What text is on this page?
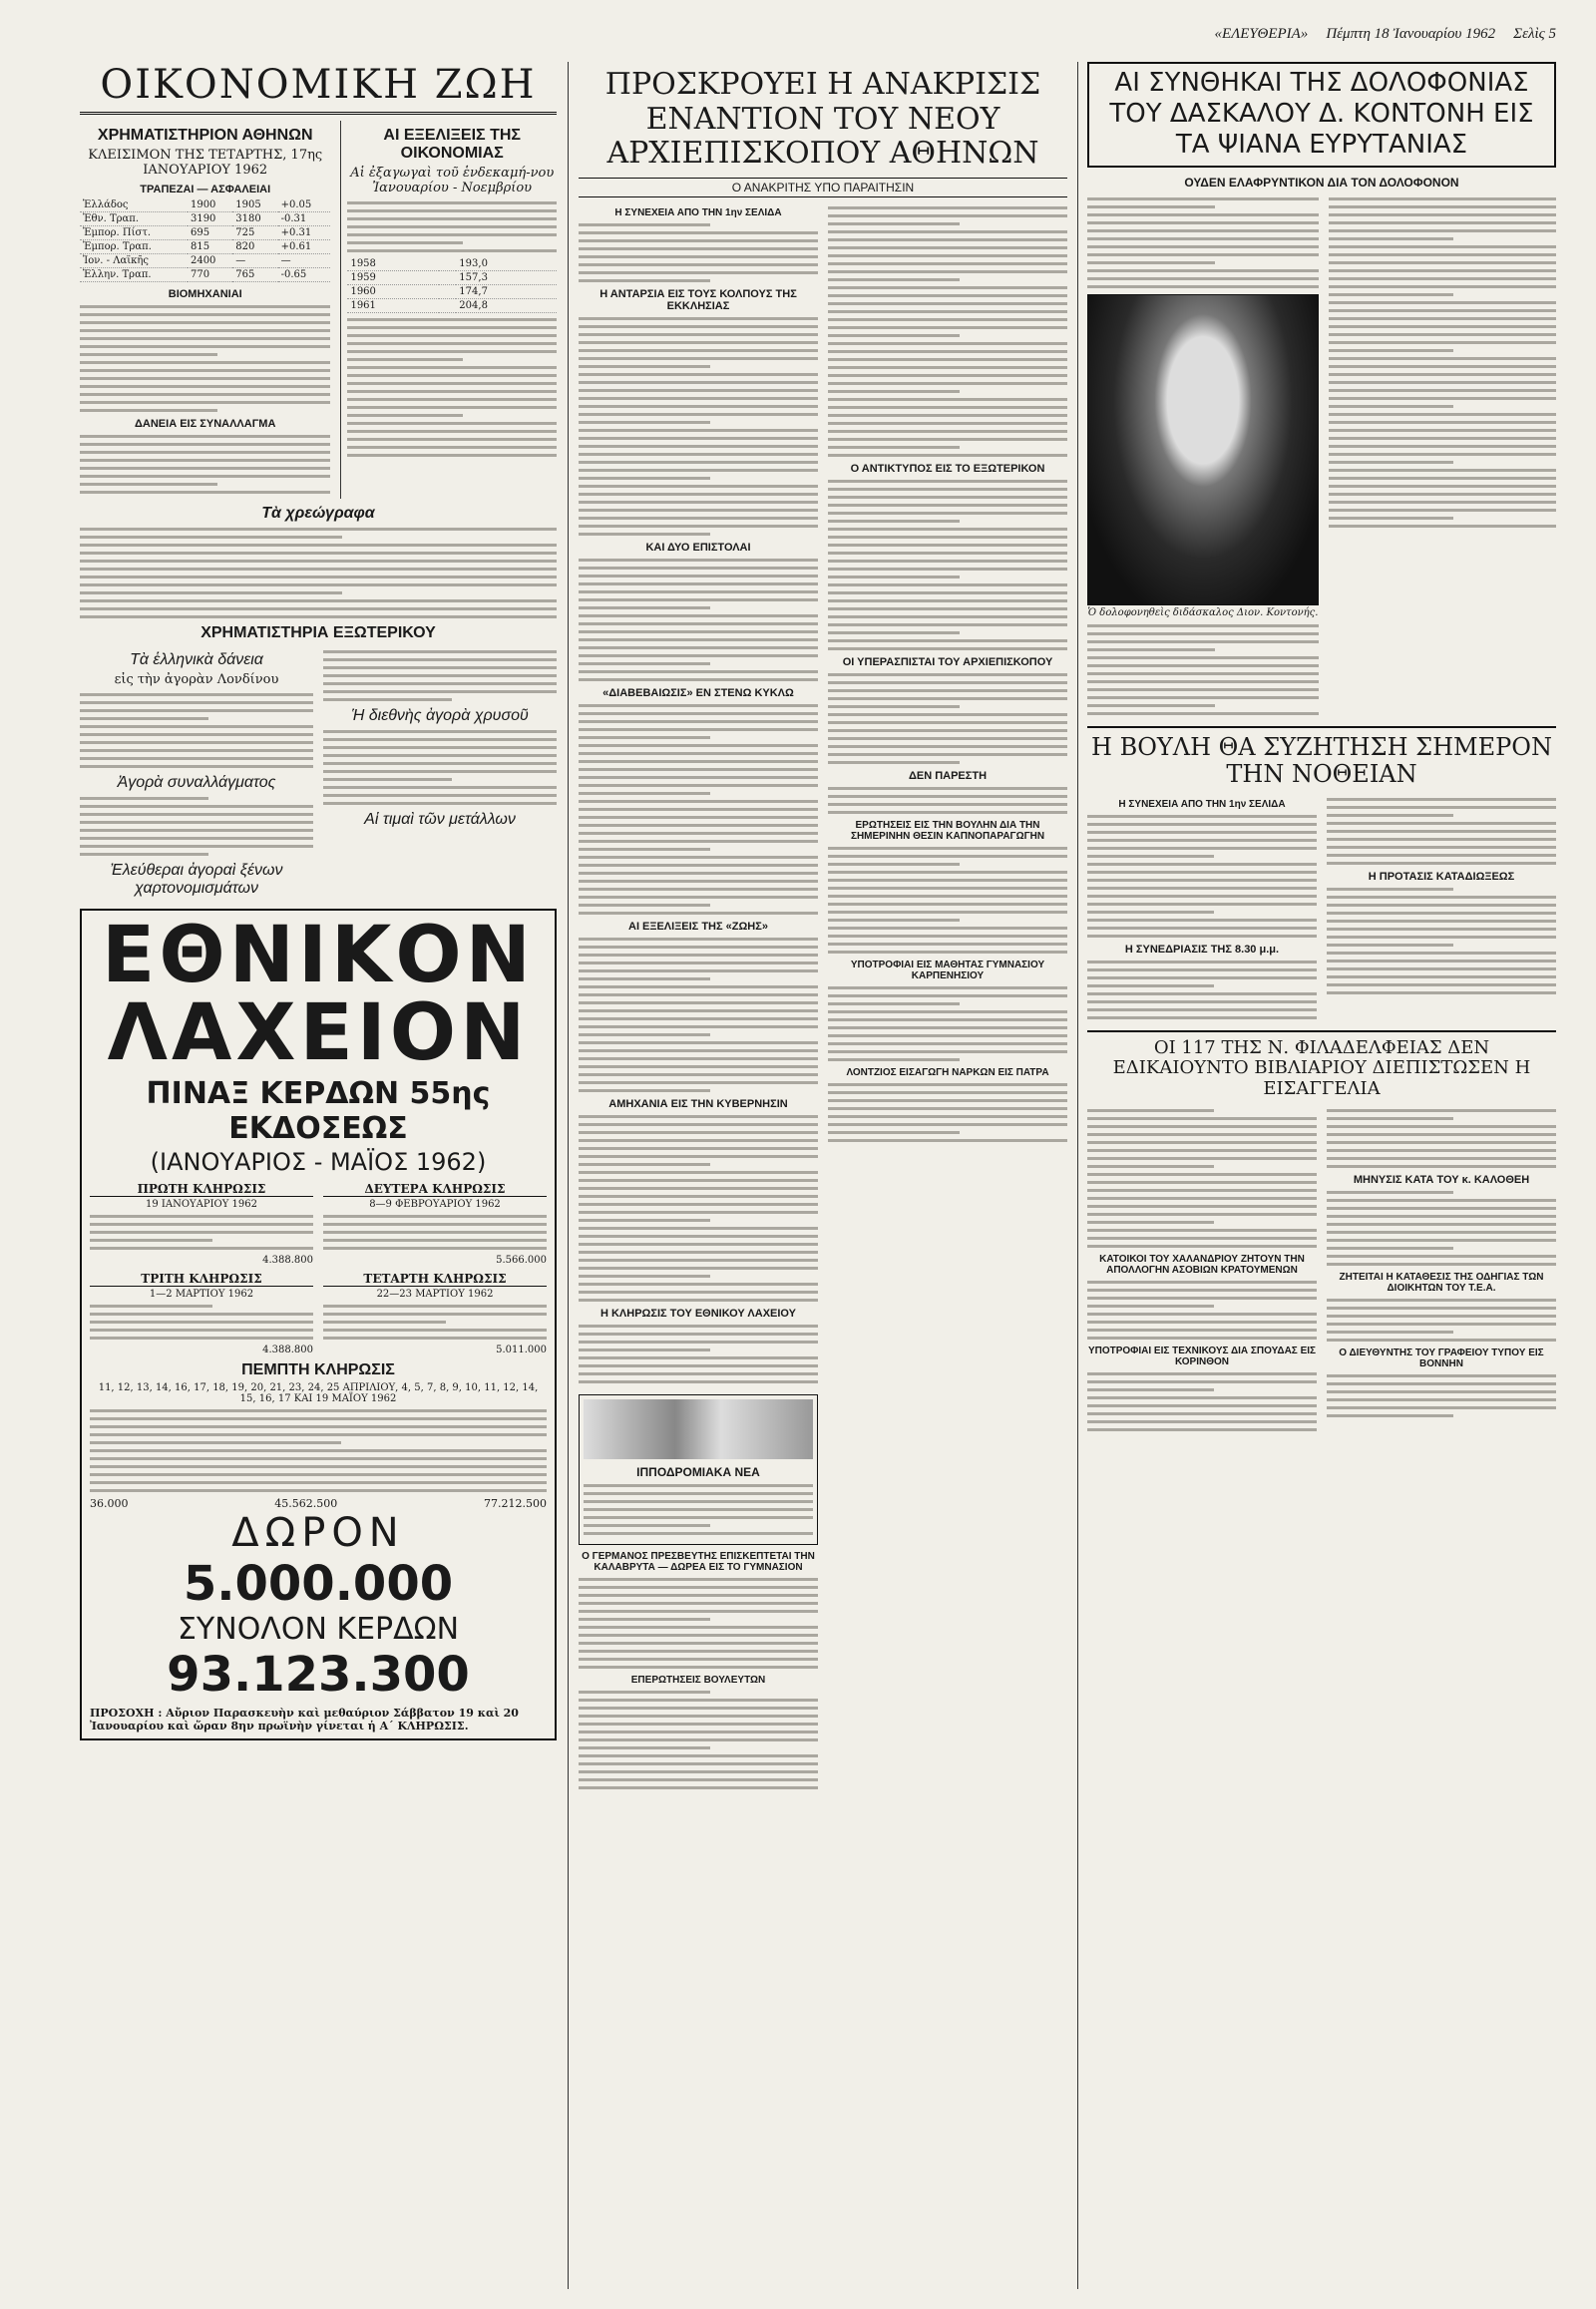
«ΕΛΕΥΘΕΡΙΑ» Πέμπτη 18 Ἰανουαρίου 1962 Σελὶς 5
ΟΙΚΟΝΟΜΙΚΗ ΖΩΗ
ΧΡΗΜΑΤΙΣΤΗΡΙΟΝ ΑΘΗΝΩΝ
ΚΛΕΙΣΙΜΟΝ ΤΗΣ ΤΕΤΑΡΤΗΣ, 17ης ΙΑΝΟΥΑΡΙΟΥ 1962
ΤΡΑΠΕΖΑΙ — ΑΣΦΑΛΕΙΑΙ
Ἑλλάδος	1900	1905	+0.05
Ἐθν. Τραπ.	3190	3180	-0.31
Ἐμπορ. Πίστ.	695	725	+0.31
Ἐμπορ. Τραπ.	815	820	+0.61
Ἰον. - Λαϊκῆς	2400	—	—
Ἑλλην. Τραπ.	770	765	-0.65
ΒΙΟΜΗΧΑΝΙΑΙ
ΔΑΝΕΙΑ ΕΙΣ ΣΥΝΑΛΛΑΓΜΑ
ΑΙ ΕΞΕΛΙΞΕΙΣ ΤΗΣ ΟΙΚΟΝΟΜΙΑΣ
Αἱ ἐξαγωγαὶ τοῦ ἑνδεκαμή-νου Ἰανουαρίου - Νοεμβρίου
1958		193,0
1959		157,3
1960		174,7
1961		204,8
Τὰ χρεώγραφα
ΧΡΗΜΑΤΙΣΤΗΡΙΑ ΕΞΩΤΕΡΙΚΟΥ
Τὰ ἑλληνικὰ δάνεια
εἰς τὴν ἀγορὰν Λονδίνου
Ἀγορὰ συναλλάγματος
Ἐλεύθεραι ἀγοραὶ ξένων χαρτονομισμάτων
Ἡ διεθνὴς ἀγορὰ χρυσοῦ
Αἱ τιμαὶ τῶν μετάλλων
ΕΘΝΙΚΟΝ ΛΑΧΕΙΟΝ
ΠΙΝΑΞ ΚΕΡΔΩΝ 55ης ΕΚΔΟΣΕΩΣ
(ΙΑΝΟΥΑΡΙΟΣ - ΜΑΪΟΣ 1962)
ΠΡΩΤΗ ΚΛΗΡΩΣΙΣ
19 ΙΑΝΟΥΑΡΙΟΥ 1962
4.388.800
ΔΕΥΤΕΡΑ ΚΛΗΡΩΣΙΣ
8—9 ΦΕΒΡΟΥΑΡΙΟΥ 1962
5.566.000
ΤΡΙΤΗ ΚΛΗΡΩΣΙΣ
1—2 ΜΑΡΤΙΟΥ 1962
4.388.800
ΤΕΤΑΡΤΗ ΚΛΗΡΩΣΙΣ
22—23 ΜΑΡΤΙΟΥ 1962
5.011.000
ΠΕΜΠΤΗ ΚΛΗΡΩΣΙΣ
11, 12, 13, 14, 16, 17, 18, 19, 20, 21, 23, 24, 25 ΑΠΡΙΛΙΟΥ, 4, 5, 7, 8, 9, 10, 11, 12, 14, 15, 16, 17 ΚΑΙ 19 ΜΑΪΟΥ 1962
36.000	45.562.500	77.212.500
ΔΩΡΟΝ
5.000.000
ΣΥΝΟΛΟΝ ΚΕΡΔΩΝ
93.123.300
ΠΡΟΣΟΧΗ : Αὔριον Παρασκευὴν καὶ μεθαύριον Σάββατον 19 καὶ 20 Ἰανουαρίου καὶ ὥραν 8ην πρωϊνὴν γίνεται ἡ Α΄ ΚΛΗΡΩΣΙΣ.
ΠΡΟΣΚΡΟΥΕΙ Η ΑΝΑΚΡΙΣΙΣ ΕΝΑΝΤΙΟΝ ΤΟΥ ΝΕΟΥ ΑΡΧΙΕΠΙΣΚΟΠΟΥ ΑΘΗΝΩΝ
Ο ΑΝΑΚΡΙΤΗΣ ΥΠΟ ΠΑΡΑΙΤΗΣΙΝ
Η ΣΥΝΕΧΕΙΑ ΑΠΟ ΤΗΝ 1ην ΣΕΛΙΔΑ
Η ΑΝΤΑΡΣΙΑ ΕΙΣ ΤΟΥΣ ΚΟΛΠΟΥΣ ΤΗΣ ΕΚΚΛΗΣΙΑΣ
ΚΑΙ ΔΥΟ ΕΠΙΣΤΟΛΑΙ
«ΔΙΑΒΕΒΑΙΩΣΙΣ» ΕΝ ΣΤΕΝΩ ΚΥΚΛΩ
ΑΙ ΕΞΕΛΙΞΕΙΣ ΤΗΣ «ΖΩΗΣ»
ΑΜΗΧΑΝΙΑ ΕΙΣ ΤΗΝ ΚΥΒΕΡΝΗΣΙΝ
Η ΚΛΗΡΩΣΙΣ ΤΟΥ ΕΘΝΙΚΟΥ ΛΑΧΕΙΟΥ
Ο ΑΝΤΙΚΤΥΠΟΣ ΕΙΣ ΤΟ ΕΞΩΤΕΡΙΚΟΝ
ΟΙ ΥΠΕΡΑΣΠΙΣΤΑΙ ΤΟΥ ΑΡΧΙΕΠΙΣΚΟΠΟΥ
ΔΕΝ ΠΑΡΕΣΤΗ
ΕΡΩΤΗΣΕΙΣ ΕΙΣ ΤΗΝ ΒΟΥΛΗΝ ΔΙΑ ΤΗΝ ΣΗΜΕΡΙΝΗΝ ΘΕΣΙΝ ΚΑΠΝΟΠΑΡΑΓΩΓΗΝ
ΥΠΟΤΡΟΦΙΑΙ ΕΙΣ ΜΑΘΗΤΑΣ ΓΥΜΝΑΣΙΟΥ ΚΑΡΠΕΝΗΣΙΟΥ
ΛΟΝΤΖΙΟΣ ΕΙΣΑΓΩΓΗ ΝΑΡΚΩΝ ΕΙΣ ΠΑΤΡΑ
ΙΠΠΟΔΡΟΜΙΑΚΑ ΝΕΑ
Ο ΓΕΡΜΑΝΟΣ ΠΡΕΣΒΕΥΤΗΣ ΕΠΙΣΚΕΠΤΕΤΑΙ ΤΗΝ ΚΑΛΑΒΡΥΤΑ — ΔΩΡΕΑ ΕΙΣ ΤΟ ΓΥΜΝΑΣΙΟΝ
ΕΠΕΡΩΤΗΣΕΙΣ ΒΟΥΛΕΥΤΩΝ
ΑΙ ΣΥΝΘΗΚΑΙ ΤΗΣ ΔΟΛΟΦΟΝΙΑΣ ΤΟΥ ΔΑΣΚΑΛΟΥ Δ. ΚΟΝΤΟΝΗ ΕΙΣ ΤΑ ΨΙΑΝΑ ΕΥΡΥΤΑΝΙΑΣ
ΟΥΔΕΝ ΕΛΑΦΡΥΝΤΙΚΟΝ ΔΙΑ ΤΟΝ ΔΟΛΟΦΟΝΟΝ
Ὁ δολοφονηθεὶς διδάσκαλος Διον. Κοντονής.
Η ΒΟΥΛΗ ΘΑ ΣΥΖΗΤΗΣΗ ΣΗΜΕΡΟΝ ΤΗΝ ΝΟΘΕΙΑΝ
Η ΣΥΝΕΧΕΙΑ ΑΠΟ ΤΗΝ 1ην ΣΕΛΙΔΑ
Η ΣΥΝΕΔΡΙΑΣΙΣ ΤΗΣ 8.30 μ.μ.
Η ΠΡΟΤΑΣΙΣ ΚΑΤΑΔΙΩΞΕΩΣ
ΟΙ 117 ΤΗΣ Ν. ΦΙΛΑΔΕΛΦΕΙΑΣ ΔΕΝ ΕΔΙΚΑΙΟΥΝΤΟ ΒΙΒΛΙΑΡΙΟΥ ΔΙΕΠΙΣΤΩΣΕΝ Η ΕΙΣΑΓΓΕΛΙΑ
ΚΑΤΟΙΚΟΙ ΤΟΥ ΧΑΛΑΝΔΡΙΟΥ ΖΗΤΟΥΝ ΤΗΝ ΑΠΟΛΛΟΓΗΝ ΑΣΟΒΙΩΝ ΚΡΑΤΟΥΜΕΝΩΝ
ΥΠΟΤΡΟΦΙΑΙ ΕΙΣ ΤΕΧΝΙΚΟΥΣ ΔΙΑ ΣΠΟΥΔΑΣ ΕΙΣ ΚΟΡΙΝΘΟΝ
ΜΗΝΥΣΙΣ ΚΑΤΑ ΤΟΥ κ. ΚΑΛΟΘΕΗ
ΖΗΤΕΙΤΑΙ Η ΚΑΤΑΘΕΣΙΣ ΤΗΣ ΟΔΗΓΙΑΣ ΤΩΝ ΔΙΟΙΚΗΤΩΝ ΤΟΥ Τ.Ε.Α.
Ο ΔΙΕΥΘΥΝΤΗΣ ΤΟΥ ΓΡΑΦΕΙΟΥ ΤΥΠΟΥ ΕΙΣ ΒΟΝΝΗΝ
